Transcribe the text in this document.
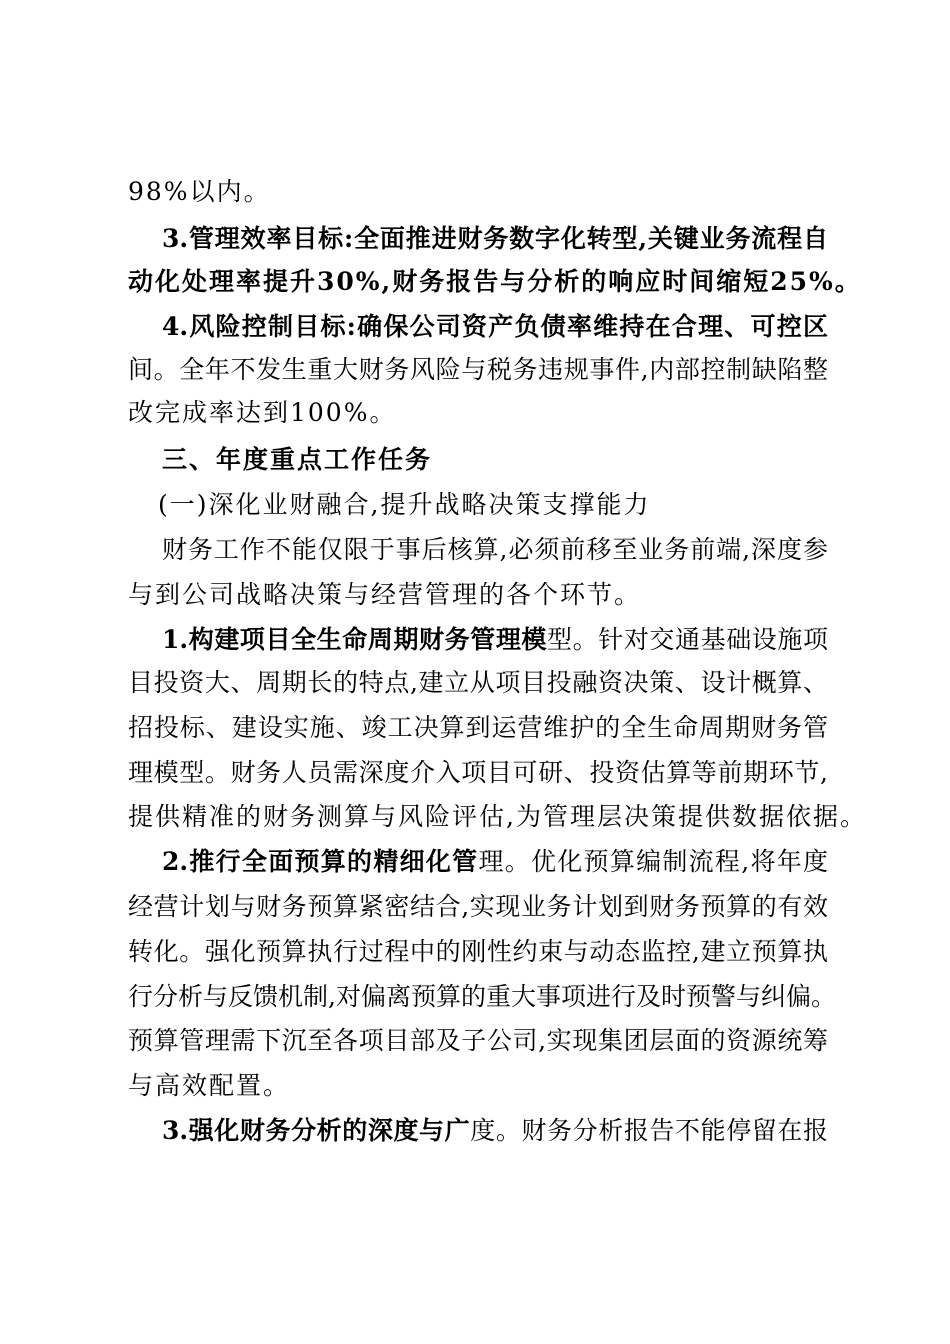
98%以内。
3.管理效率目标:全面推进财务数字化转型,关键业务流程自
动化处理率提升30%,财务报告与分析的响应时间缩短25%。
4.风险控制目标:确保公司资产负债率维持在合理、可控区
间。全年不发生重大财务风险与税务违规事件,内部控制缺陷整
改完成率达到100%。
三、年度重点工作任务
(一)深化业财融合,提升战略决策支撑能力
财务工作不能仅限于事后核算,必须前移至业务前端,深度参
与到公司战略决策与经营管理的各个环节。
1.构建项目全生命周期财务管理模型。针对交通基础设施项
目投资大、周期长的特点,建立从项目投融资决策、设计概算、
招投标、建设实施、竣工决算到运营维护的全生命周期财务管
理模型。财务人员需深度介入项目可研、投资估算等前期环节,
提供精准的财务测算与风险评估,为管理层决策提供数据依据。
2.推行全面预算的精细化管理。优化预算编制流程,将年度
经营计划与财务预算紧密结合,实现业务计划到财务预算的有效
转化。强化预算执行过程中的刚性约束与动态监控,建立预算执
行分析与反馈机制,对偏离预算的重大事项进行及时预警与纠偏。
预算管理需下沉至各项目部及子公司,实现集团层面的资源统筹
与高效配置。
3.强化财务分析的深度与广度。财务分析报告不能停留在报
